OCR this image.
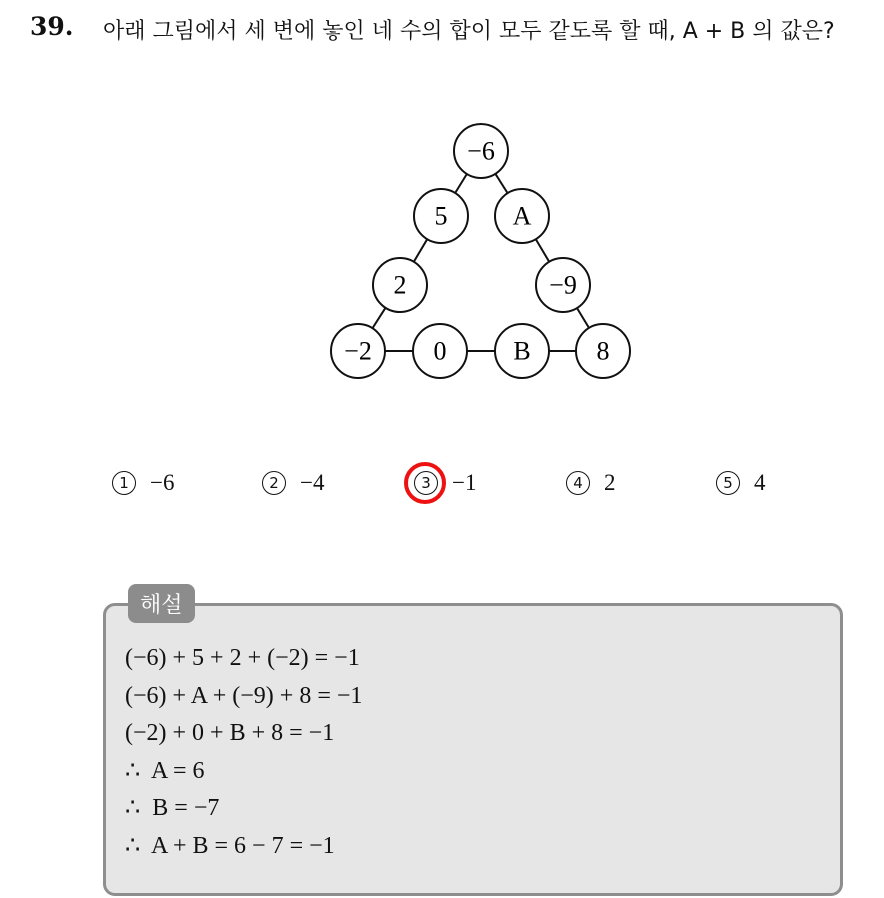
39. 아래 그림에서 세 변에 놓인 네 수의 합이 모두 같도록 할 때, A + B 의 값은?
−6
5	A
2	−9
−2 0	B	8
1 −6	2 −4	3 −1	4 2	5 4
해설
(−6) + 5 + 2 + (−2) = −1
(−6) + A + (−9) + 8 = −1
(−2) + 0 + B + 8 = −1
∴  A = 6
∴  B = −7
∴  A + B = 6 − 7 = −1
